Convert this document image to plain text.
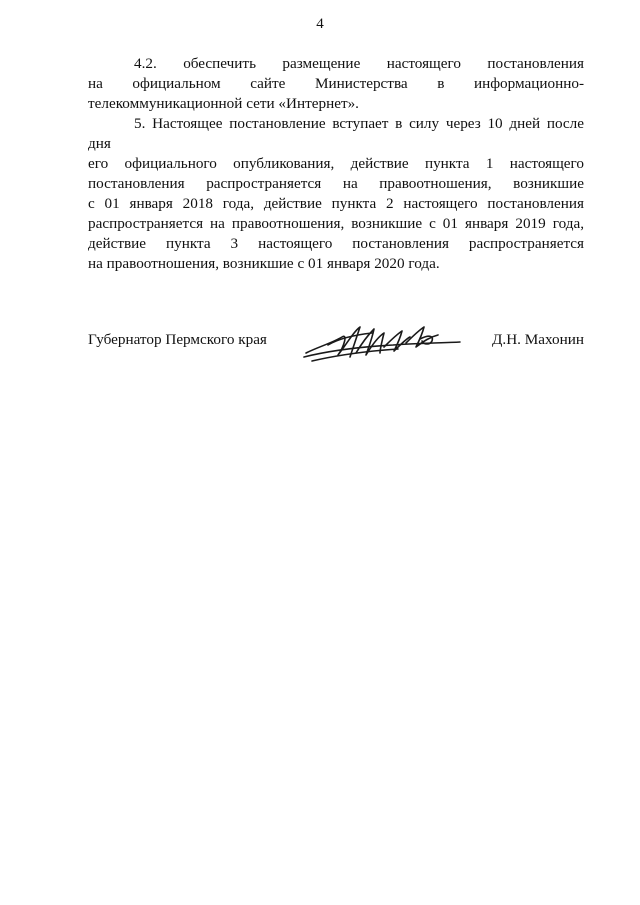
4

4.2. обеспечить размещение настоящего постановления
на официальном сайте Министерства в информационно-
телекоммуникационной сети «Интернет».

5. Настоящее постановление вступает в силу через 10 дней после дня
его официального опубликования, действие пункта 1 настоящего
постановления распространяется на правоотношения, возникшие
с 01 января 2018 года, действие пункта 2 настоящего постановления
распространяется на правоотношения, возникшие с 01 января 2019 года,
действие пункта 3 настоящего постановления распространяется
на правоотношения, возникшие с 01 января 2020 года.

Губернатор Пермского края	Д.Н. Махонин
